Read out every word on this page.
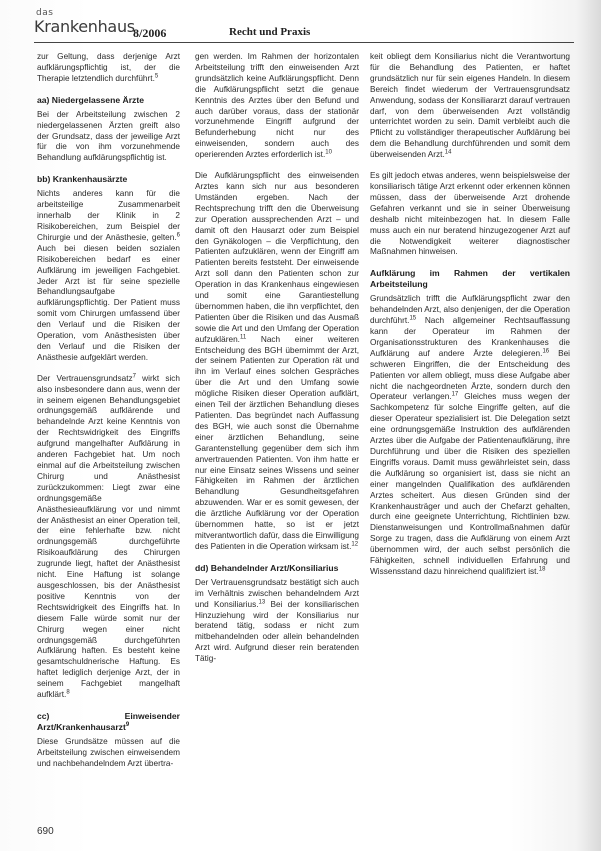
das
Krankenhaus
8/2006	Recht und Praxis

zur Geltung, dass derjenige Arzt aufklärungspflichtig ist, der die Therapie letztendlich durchführt.$^5$

aa) Niedergelassene Ärzte

Bei der Arbeitsteilung zwischen 2 niedergelassenen Ärzten greift also der Grundsatz, dass der jeweilige Arzt für die von ihm vorzunehmende Behandlung aufklärungspflichtig ist.

bb) Krankenhausärzte

Nichts anderes kann für die arbeitsteilige Zusammenarbeit innerhalb der Klinik in 2 Risikobereichen, zum Beispiel der Chirurgie und der Anästhesie, gelten.$^6$ Auch bei diesen beiden sozialen Risikobereichen bedarf es einer Aufklärung im jeweiligen Fachgebiet. Jeder Arzt ist für seine spezielle Behandlungsaufgabe aufklärungspflichtig. Der Patient muss somit vom Chirurgen umfassend über den Verlauf und die Risiken der Operation, vom Anästhesisten über den Verlauf und die Risiken der Anästhesie aufgeklärt werden.

Der Vertrauensgrundsatz$^7$ wirkt sich also insbesondere dann aus, wenn der in seinem eigenen Behandlungsgebiet ordnungsgemäß aufklärende und behandelnde Arzt keine Kenntnis von der Rechtswidrigkeit des Eingriffs aufgrund mangelhafter Aufklärung in anderen Fachgebiet hat. Um noch einmal auf die Arbeitsteilung zwischen Chirurg und Anästhesist zurückzukommen: Liegt zwar eine ordnungsgemäße Anästhesieaufklärung vor und nimmt der Anästhesist an einer Operation teil, der eine fehlerhafte bzw. nicht ordnungsgemäß durchgeführte Risikoaufklärung des Chirurgen zugrunde liegt, haftet der Anästhesist nicht. Eine Haftung ist solange ausgeschlossen, bis der Anästhesist positive Kenntnis von der Rechtswidrigkeit des Eingriffs hat. In diesem Falle würde somit nur der Chirurg wegen einer nicht ordnungsgemäß durchgeführten Aufklärung haften. Es besteht keine gesamtschuldnerische Haftung. Es haftet lediglich derjenige Arzt, der in seinem Fachgebiet mangelhaft aufklärt.$^8$

cc) Einweisender Arzt/Krankenhausarzt$^9$

Diese Grundsätze müssen auf die Arbeitsteilung zwischen einweisendem und nachbehandelndem Arzt übertra-

gen werden. Im Rahmen der horizontalen Arbeitsteilung trifft den einweisenden Arzt grundsätzlich keine Aufklärungspflicht. Denn die Aufklärungspflicht setzt die genaue Kenntnis des Arztes über den Befund und auch darüber voraus, dass der stationär vorzunehmende Eingriff aufgrund der Befunderhebung nicht nur des einweisenden, sondern auch des operierenden Arztes erforderlich ist.$^{10}$

Die Aufklärungspflicht des einweisenden Arztes kann sich nur aus besonderen Umständen ergeben. Nach der Rechtsprechung trifft den die Überweisung zur Operation aussprechenden Arzt – und damit oft den Hausarzt oder zum Beispiel den Gynäkologen – die Verpflichtung, den Patienten aufzuklären, wenn der Eingriff am Patienten bereits feststeht. Der einweisende Arzt soll dann den Patienten schon zur Operation in das Krankenhaus eingewiesen und somit eine Garantiestellung übernommen haben, die ihn verpflichtet, den Patienten über die Risiken und das Ausmaß sowie die Art und den Umfang der Operation aufzuklären.$^{11}$ Nach einer weiteren Entscheidung des BGH übernimmt der Arzt, der seinem Patienten zur Operation rät und ihn im Verlauf eines solchen Gespräches über die Art und den Umfang sowie mögliche Risiken dieser Operation aufklärt, einen Teil der ärztlichen Behandlung dieses Patienten. Das begründet nach Auffassung des BGH, wie auch sonst die Übernahme einer ärztlichen Behandlung, seine Garantenstellung gegenüber dem sich ihm anvertrauenden Patienten. Von ihm hatte er nur eine Einsatz seines Wissens und seiner Fähigkeiten im Rahmen der ärztlichen Behandlung Gesundheitsgefahren abzuwenden. War er es somit gewesen, der die ärztliche Aufklärung vor der Operation übernommen hatte, so ist er jetzt mitverantwortlich dafür, dass die Einwilligung des Patienten in die Operation wirksam ist.$^{12}$

dd) Behandelnder Arzt/Konsiliarius

Der Vertrauensgrundsatz bestätigt sich auch im Verhältnis zwischen behandelndem Arzt und Konsiliarius.$^{13}$ Bei der konsiliarischen Hinzuziehung wird der Konsiliarius nur beratend tätig, sodass er nicht zum mitbehandelnden oder allein behandelnden Arzt wird. Aufgrund dieser rein beratenden Tätig-

keit obliegt dem Konsiliarius nicht die Verantwortung für die Behandlung des Patienten, er haftet grundsätzlich nur für sein eigenes Handeln. In diesem Bereich findet wiederum der Vertrauensgrundsatz Anwendung, sodass der Konsiliararzt darauf vertrauen darf, von dem überweisenden Arzt vollständig unterrichtet worden zu sein. Damit verbleibt auch die Pflicht zu vollständiger therapeutischer Aufklärung bei dem die Behandlung durchführenden und somit dem überweisenden Arzt.$^{14}$

Es gilt jedoch etwas anderes, wenn beispielsweise der konsiliarisch tätige Arzt erkennt oder erkennen können müssen, dass der überweisende Arzt drohende Gefahren verkannt und sie in seiner Überweisung deshalb nicht miteinbezogen hat. In diesem Falle muss auch ein nur beratend hinzugezogener Arzt auf die Notwendigkeit weiterer diagnostischer Maßnahmen hinweisen.

Aufklärung im Rahmen der vertikalen Arbeitsteilung

Grundsätzlich trifft die Aufklärungspflicht zwar den behandelnden Arzt, also denjenigen, der die Operation durchführt.$^{15}$ Nach allgemeiner Rechtsauffassung kann der Operateur im Rahmen der Organisationsstrukturen des Krankenhauses die Aufklärung auf andere Ärzte delegieren.$^{16}$ Bei schweren Eingriffen, die der Entscheidung des Patienten vor allem obliegt, muss diese Aufgabe aber nicht die nachgeordneten Ärzte, sondern durch den Operateur verlangen.$^{17}$ Gleiches muss wegen der Sachkompetenz für solche Eingriffe gelten, auf die dieser Operateur spezialisiert ist. Die Delegation setzt eine ordnungsgemäße Instruktion des aufklärenden Arztes über die Aufgabe der Patientenaufklärung, ihre Durchführung und über die Risiken des speziellen Eingriffs voraus. Damit muss gewährleistet sein, dass die Aufklärung so organisiert ist, dass sie nicht an einer mangelnden Qualifikation des aufklärenden Arztes scheitert. Aus diesen Gründen sind der Krankenhausträger und auch der Chefarzt gehalten, durch eine geeignete Unterrichtung, Richtlinien bzw. Dienstanweisungen und Kontrollmaßnahmen dafür Sorge zu tragen, dass die Aufklärung von einem Arzt übernommen wird, der auch selbst persönlich die Fähigkeiten, schnell individuellen Erfahrung und Wissensstand dazu hinreichend qualifiziert ist.$^{18}$

690
